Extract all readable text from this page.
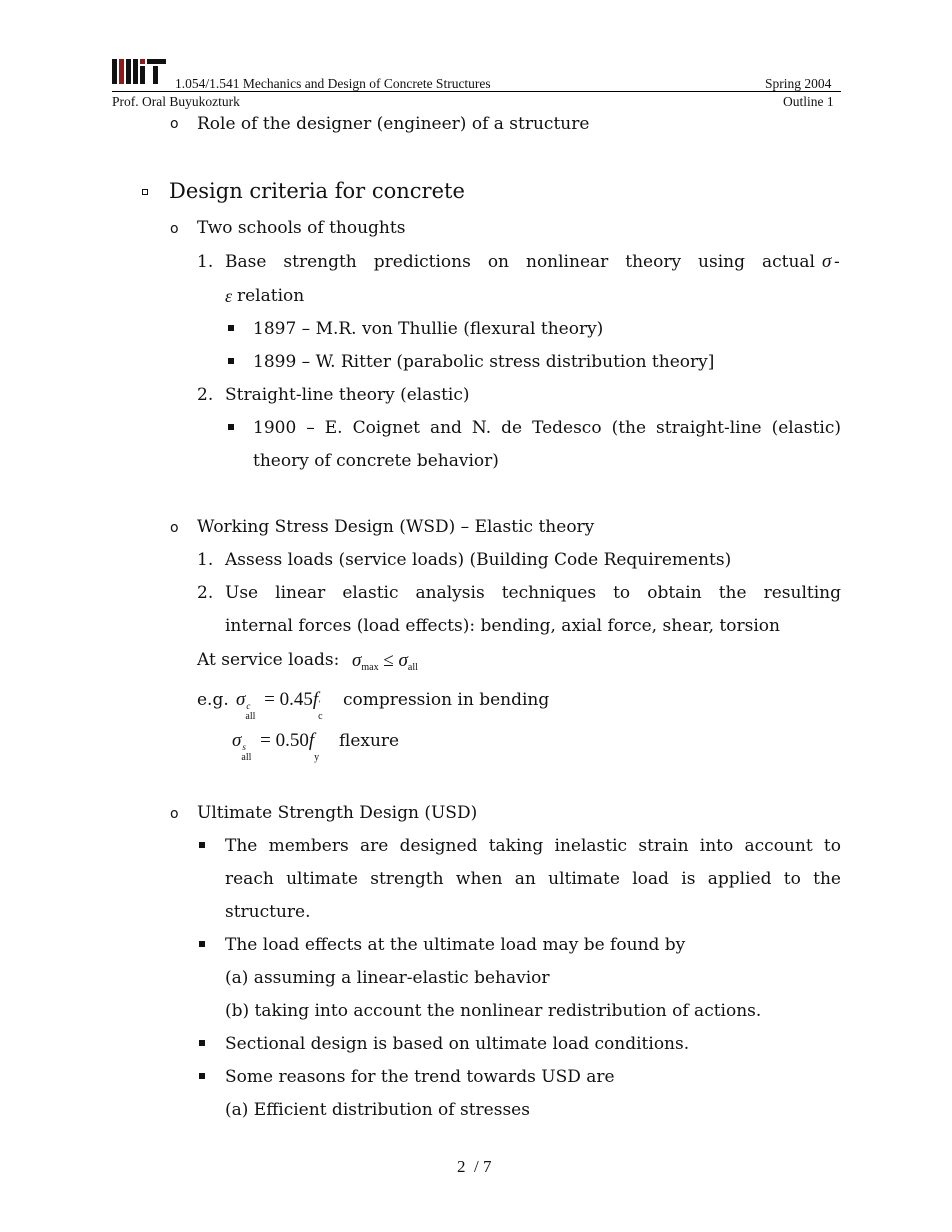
1.054/1.541 Mechanics and Design of Concrete Structures	Spring 2004
Prof. Oral Buyukozturk	Outline 1
o Role of the designer (engineer) of a structure
Design criteria for concrete
o Two schools of thoughts
1. Base strength predictions on nonlinear theory using actual σ -
ε relation
1897 – M.R. von Thullie (flexural theory)
1899 – W. Ritter (parabolic stress distribution theory]
2. Straight-line theory (elastic)
1900 – E. Coignet and N. de Tedesco (the straight-line (elastic)
theory of concrete behavior)
o Working Stress Design (WSD) – Elastic theory
1. Assess loads (service loads) (Building Code Requirements)
2. Use linear elastic analysis techniques to obtain the resulting
internal forces (load effects): bending, axial force, shear, torsion
At service loads: $\sigma_{max} \le \sigma_{all}$
e.g. σ c
all
= 0.45f '
c
compression in bending
σ s
all
= 0.50f
y
flexure
o Ultimate Strength Design (USD)
The members are designed taking inelastic strain into account to
reach ultimate strength when an ultimate load is applied to the
structure.
The load effects at the ultimate load may be found by
(a) assuming a linear-elastic behavior
(b) taking into account the nonlinear redistribution of actions.
Sectional design is based on ultimate load conditions.
Some reasons for the trend towards USD are
(a) Efficient distribution of stresses
2 / 7
